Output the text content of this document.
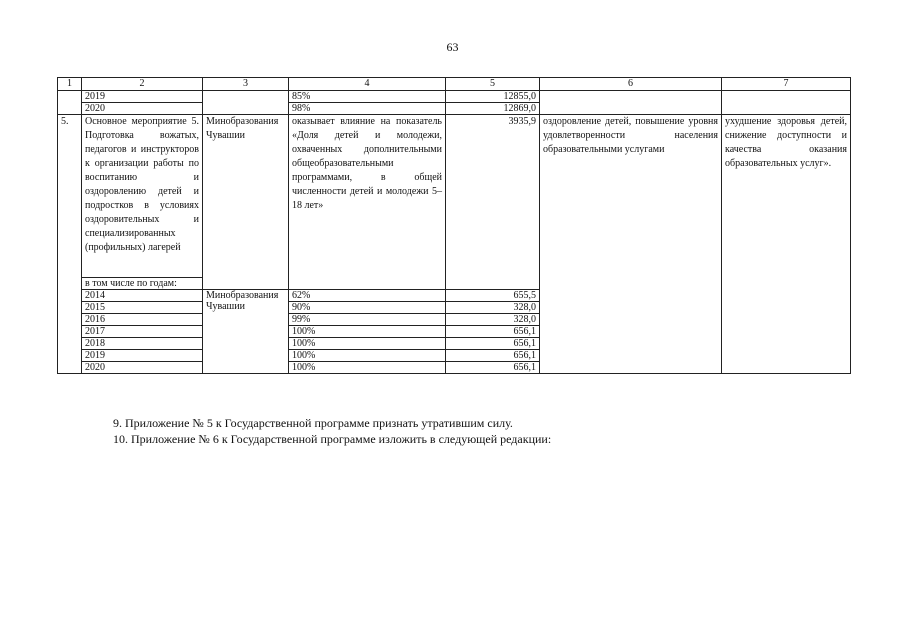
63
1	2	3	4	5	6	7
	2019		85%	12855,0		
	2020		98%	12869,0		
5.	Основное мероприятие 5. Подготовка вожатых, педагогов и инструкторов к организации работы по воспитанию и оздоровлению детей и подростков в условиях оздоровительных и специализированных (профильных) лагерей	Минобразования Чувашии	оказывает влияние на показатель «Доля детей и молодежи, охваченных дополнительными общеобразовательными программами, в общей численности детей и молодежи 5–18 лет»	3935,9	оздоровление детей, повышение уровня удовлетворенности населения образовательными услугами	ухудшение здоровья детей, снижение доступности и качества оказания образовательных услуг».
	в том числе по годам:					
	2014	Минобразования Чувашии	62%	655,5		
	2015		90%	328,0		
	2016		99%	328,0		
	2017		100%	656,1		
	2018		100%	656,1		
	2019		100%	656,1		
	2020		100%	656,1		
9. Приложение № 5 к Государственной программе признать утратившим силу.
10. Приложение № 6 к Государственной программе изложить в следующей редакции:
